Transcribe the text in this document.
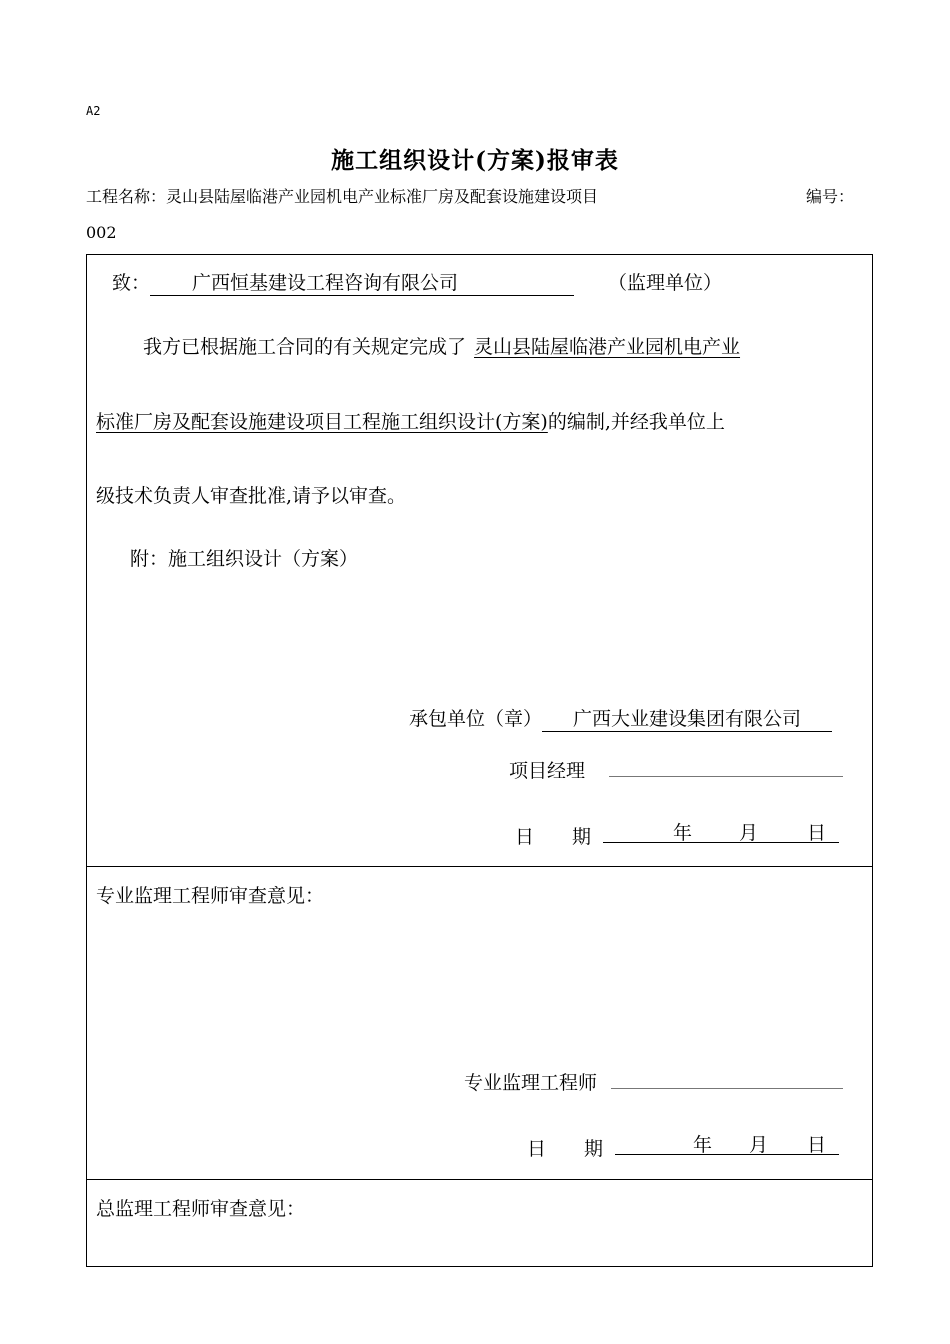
A2
施工组织设计(方案)报审表
工程名称：灵山县陆屋临港产业园机电产业标准厂房及配套设施建设项目	编号：
002
致： 广西恒基建设工程咨询有限公司	（监理单位）
我方已根据施工合同的有关规定完成了 灵山县陆屋临港产业园机电产业
标准厂房及配套设施建设项目工程施工组织设计(方案)的编制,并经我单位上
级技术负责人审查批准,请予以审查。
附：施工组织设计（方案）
承包单位（章） 广西大业建设集团有限公司
项目经理
日　　期	年 月	日
专业监理工程师审查意见：
专业监理工程师
日　　期	年 月 日
总监理工程师审查意见：
